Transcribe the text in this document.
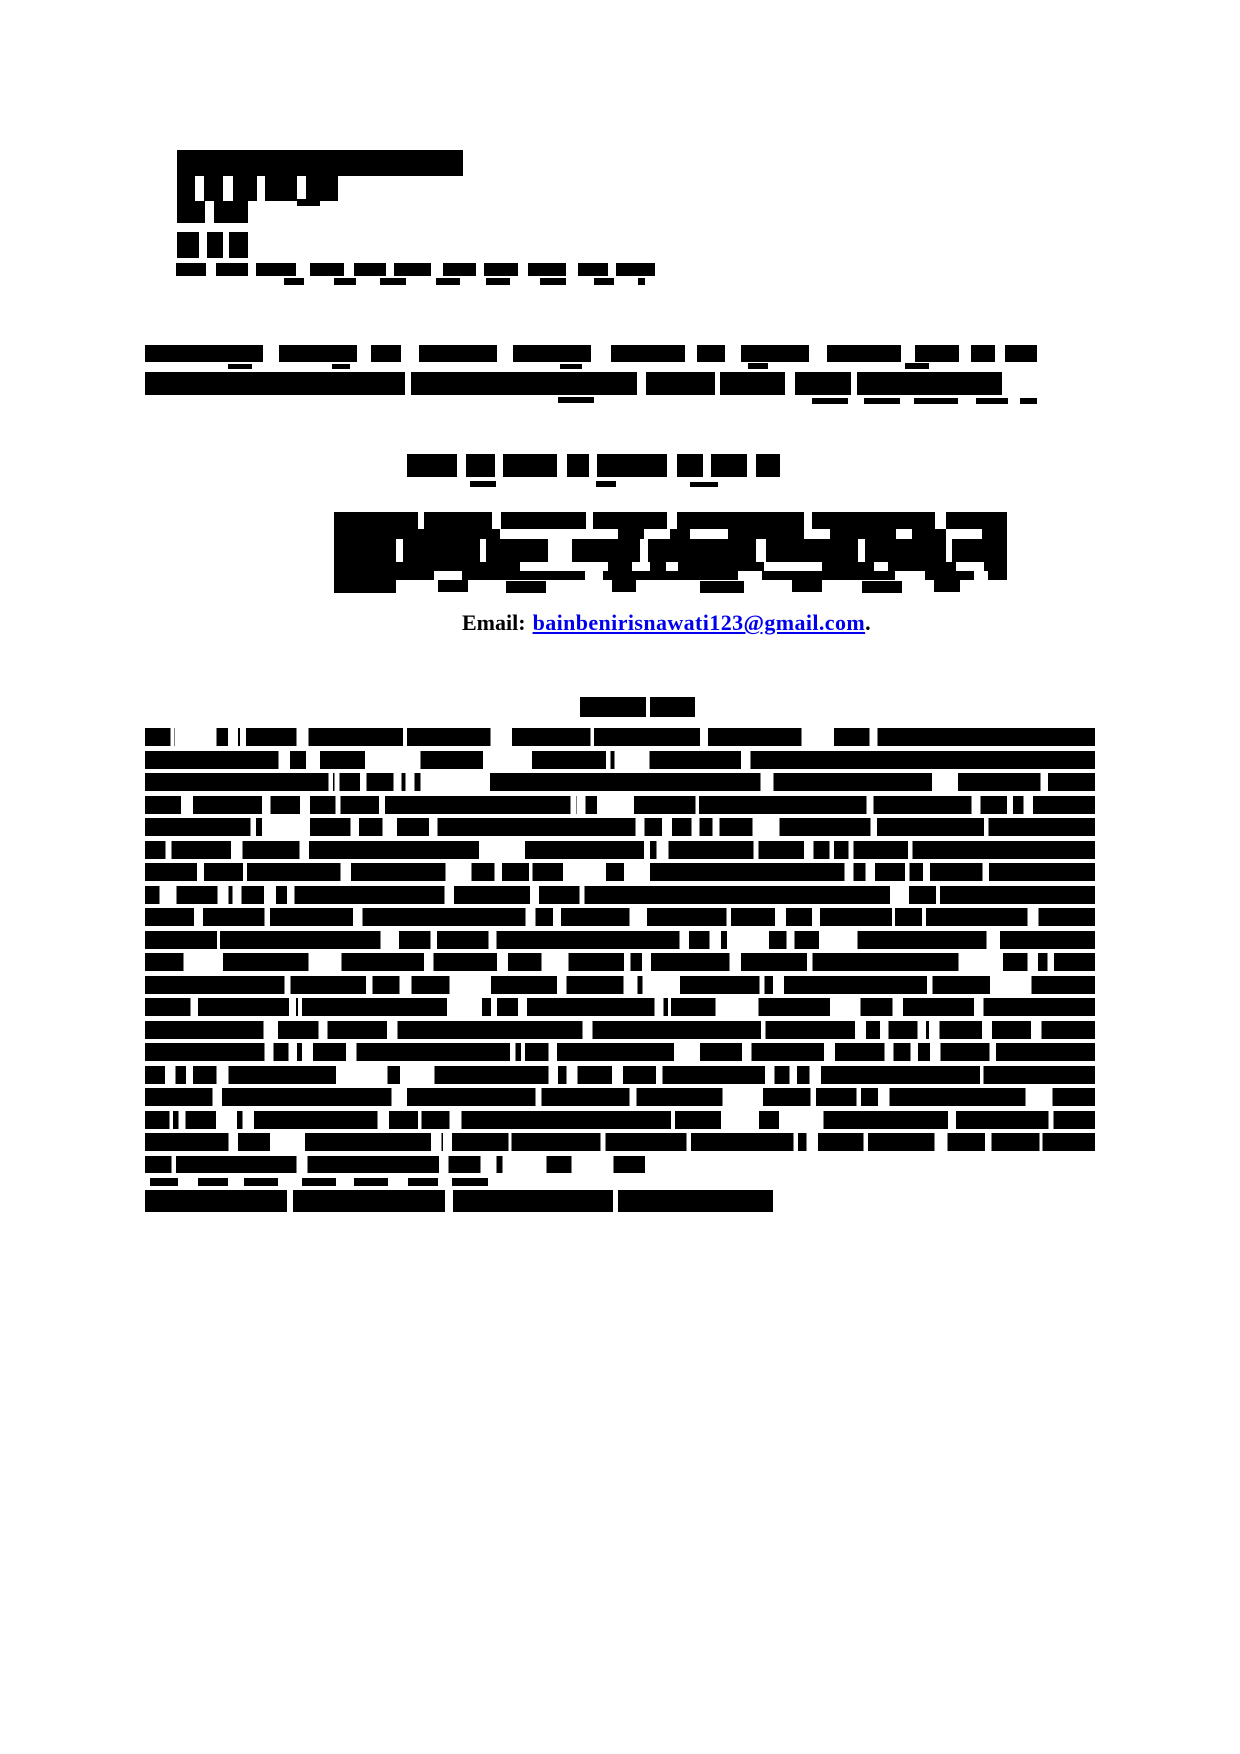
Email: bainbenirisnawati123@gmail.com.
